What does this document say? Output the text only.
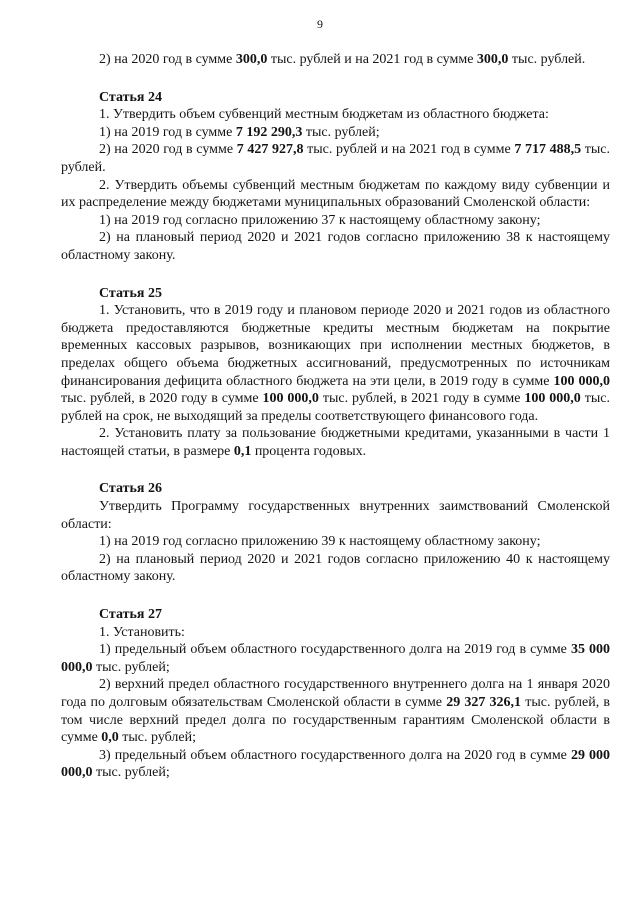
9

2) на 2020 год в сумме 300,0 тыс. рублей и на 2021 год в сумме 300,0 тыс. рублей.

Статья 24

1. Утвердить объем субвенций местным бюджетам из областного бюджета:

1) на 2019 год в сумме 7 192 290,3 тыс. рублей;

2) на 2020 год в сумме 7 427 927,8 тыс. рублей и на 2021 год в сумме 7 717 488,5 тыс. рублей.

2. Утвердить объемы субвенций местным бюджетам по каждому виду субвенции и их распределение между бюджетами муниципальных образований Смоленской области:

1) на 2019 год согласно приложению 37 к настоящему областному закону;

2) на плановый период 2020 и 2021 годов согласно приложению 38 к настоящему областному закону.

Статья 25

1. Установить, что в 2019 году и плановом периоде 2020 и 2021 годов из областного бюджета предоставляются бюджетные кредиты местным бюджетам на покрытие временных кассовых разрывов, возникающих при исполнении местных бюджетов, в пределах общего объема бюджетных ассигнований, предусмотренных по источникам финансирования дефицита областного бюджета на эти цели, в 2019 году в сумме 100 000,0 тыс. рублей, в 2020 году в сумме 100 000,0 тыс. рублей, в 2021 году в сумме 100 000,0 тыс. рублей на срок, не выходящий за пределы соответствующего финансового года.

2. Установить плату за пользование бюджетными кредитами, указанными в части 1 настоящей статьи, в размере 0,1 процента годовых.

Статья 26

Утвердить Программу государственных внутренних заимствований Смоленской области:

1) на 2019 год согласно приложению 39 к настоящему областному закону;

2) на плановый период 2020 и 2021 годов согласно приложению 40 к настоящему областному закону.

Статья 27

1. Установить:

1) предельный объем областного государственного долга на 2019 год в сумме 35 000 000,0 тыс. рублей;

2) верхний предел областного государственного внутреннего долга на 1 января 2020 года по долговым обязательствам Смоленской области в сумме 29 327 326,1 тыс. рублей, в том числе верхний предел долга по государственным гарантиям Смоленской области в сумме 0,0 тыс. рублей;

3) предельный объем областного государственного долга на 2020 год в сумме 29 000 000,0 тыс. рублей;
